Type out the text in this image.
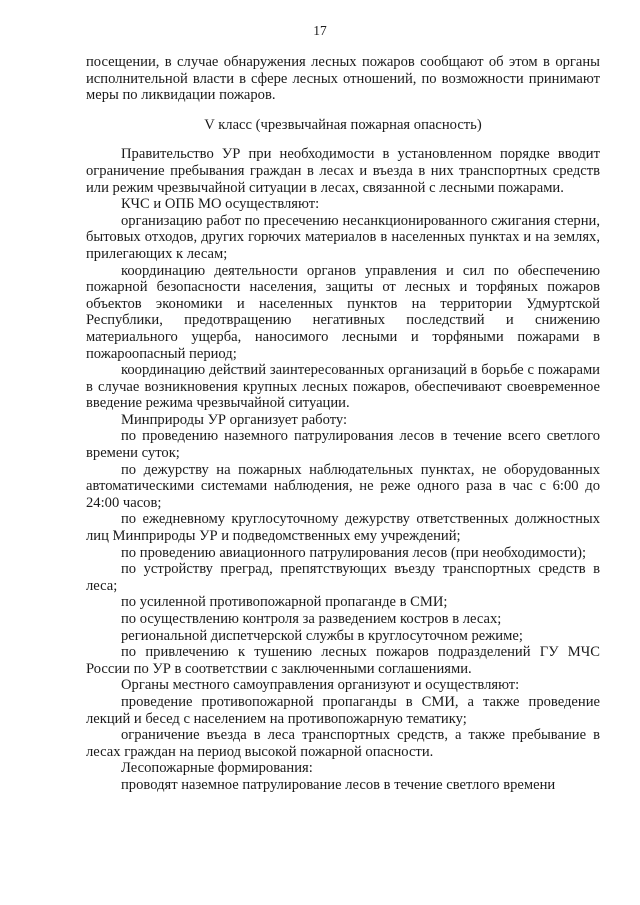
17

посещении, в случае обнаружения лесных пожаров сообщают об этом в органы исполнительной власти в сфере лесных отношений, по возможности принимают меры по ликвидации пожаров.

V класс (чрезвычайная пожарная опасность)

Правительство УР при необходимости в установленном порядке вводит ограничение пребывания граждан в лесах и въезда в них транспортных средств или режим чрезвычайной ситуации в лесах, связанной с лесными пожарами.

КЧС и ОПБ МО осуществляют:

организацию работ по пресечению несанкционированного сжигания стерни, бытовых отходов, других горючих материалов в населенных пунктах и на землях, прилегающих к лесам;

координацию деятельности органов управления и сил по обеспечению пожарной безопасности населения, защиты от лесных и торфяных пожаров объектов экономики и населенных пунктов на территории Удмуртской Республики, предотвращению негативных последствий и снижению материального ущерба, наносимого лесными и торфяными пожарами в пожароопасный период;

координацию действий заинтересованных организаций в борьбе с пожарами в случае возникновения крупных лесных пожаров, обеспечивают своевременное введение режима чрезвычайной ситуации.

Минприроды УР организует работу:

по проведению наземного патрулирования лесов в течение всего светлого времени суток;

по дежурству на пожарных наблюдательных пунктах, не оборудованных автоматическими системами наблюдения, не реже одного раза в час с 6:00 до 24:00 часов;

по ежедневному круглосуточному дежурству ответственных должностных лиц Минприроды УР и подведомственных ему учреждений;

по проведению авиационного патрулирования лесов (при необходимости);

по устройству преград, препятствующих въезду транспортных средств в леса;

по усиленной противопожарной пропаганде в СМИ;

по осуществлению контроля за разведением костров в лесах;

региональной диспетчерской службы в круглосуточном режиме;

по привлечению к тушению лесных пожаров подразделений ГУ МЧС России по УР в соответствии с заключенными соглашениями.

Органы местного самоуправления организуют и осуществляют:

проведение противопожарной пропаганды в СМИ, а также проведение лекций и бесед с населением на противопожарную тематику;

ограничение въезда в леса транспортных средств, а также пребывание в лесах граждан на период высокой пожарной опасности.

Лесопожарные формирования:

проводят наземное патрулирование лесов в течение светлого времени
